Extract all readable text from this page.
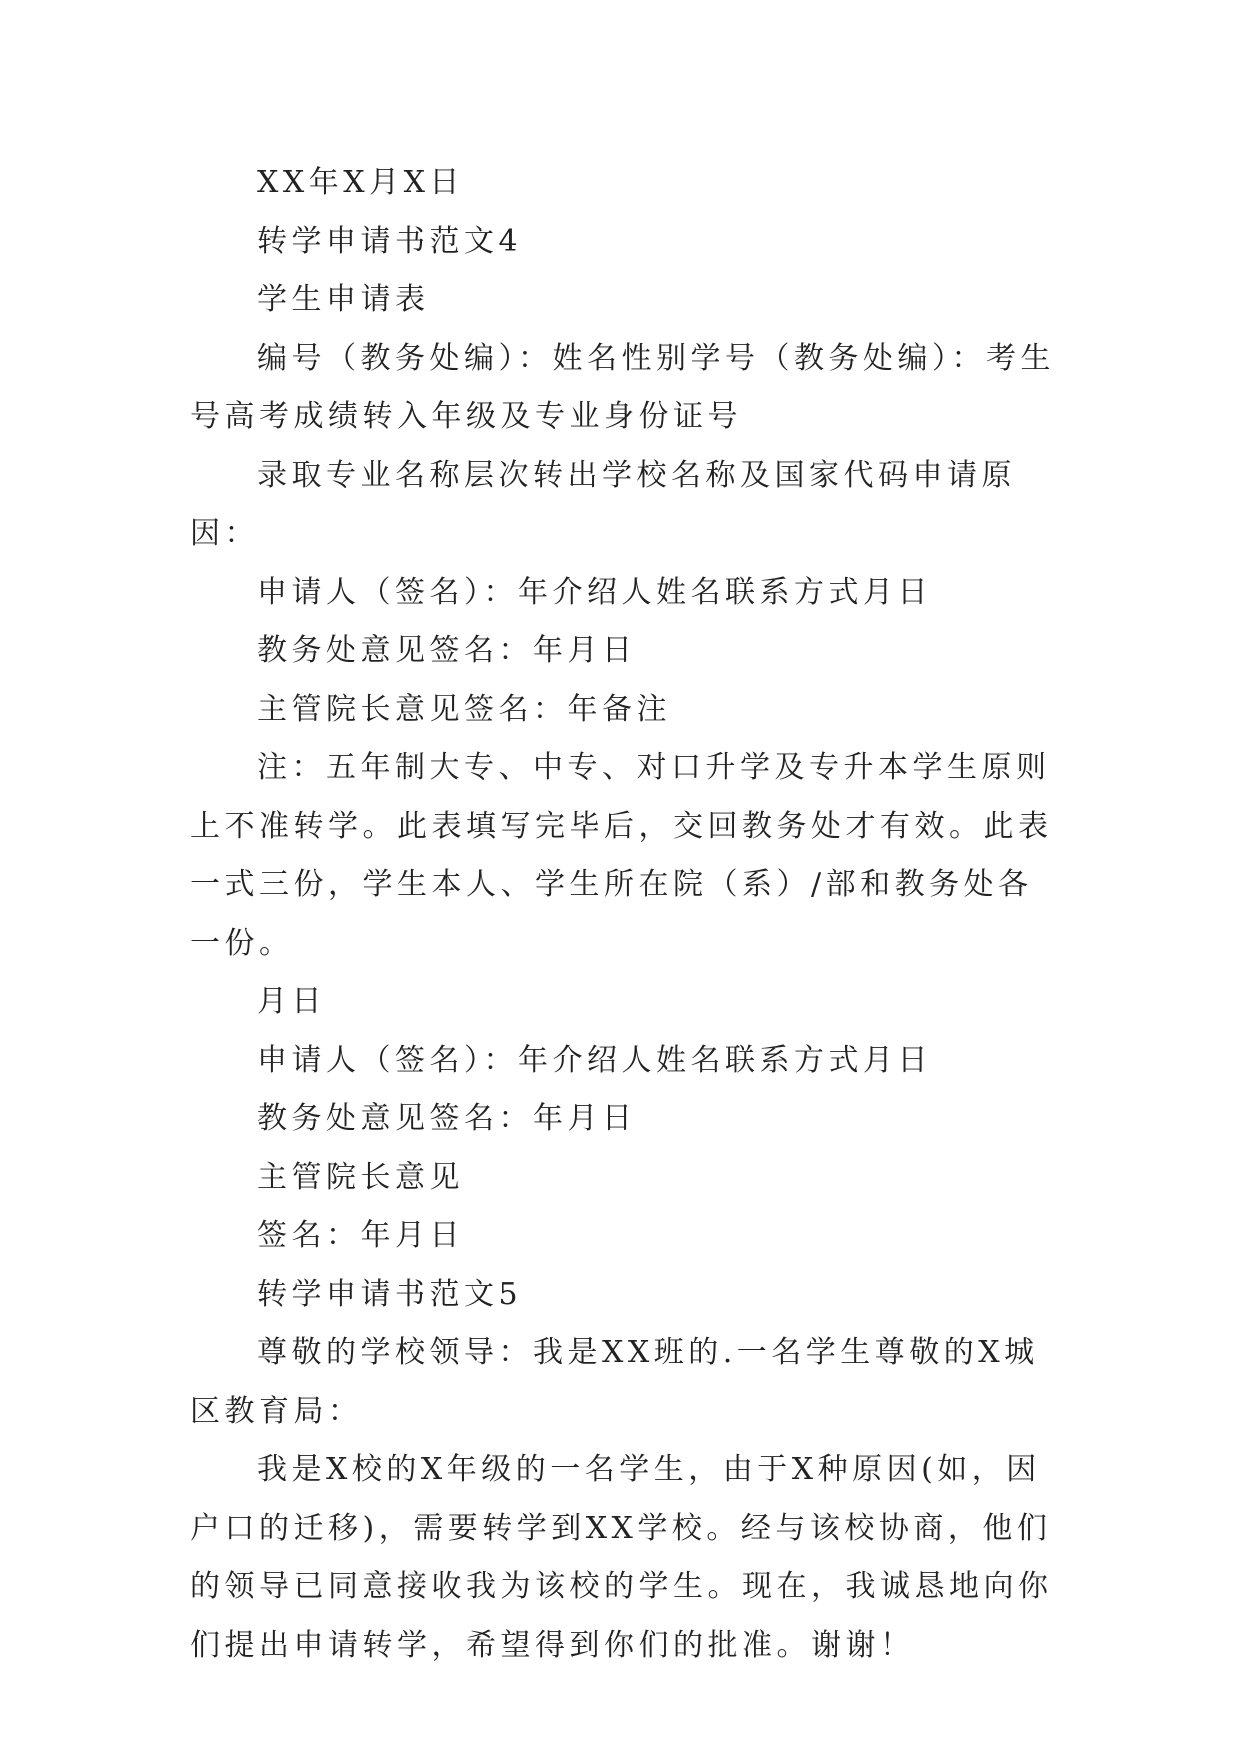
XX年X月X日

转学申请书范文4

学生申请表

编号（教务处编）：姓名性别学号（教务处编）：考生号高考成绩转入年级及专业身份证号

录取专业名称层次转出学校名称及国家代码申请原因：

申请人（签名）：年介绍人姓名联系方式月日

教务处意见签名：年月日

主管院长意见签名：年备注

注：五年制大专、中专、对口升学及专升本学生原则上不准转学。此表填写完毕后，交回教务处才有效。此表一式三份，学生本人、学生所在院（系）/部和教务处各一份。

月日

申请人（签名）：年介绍人姓名联系方式月日

教务处意见签名：年月日

主管院长意见

签名：年月日

转学申请书范文5

尊敬的学校领导：我是XX班的.一名学生尊敬的X城区教育局：

我是X校的X年级的一名学生，由于X种原因(如，因户口的迁移)，需要转学到XX学校。经与该校协商，他们的领导已同意接收我为该校的学生。现在，我诚恳地向你们提出申请转学，希望得到你们的批准。谢谢！
